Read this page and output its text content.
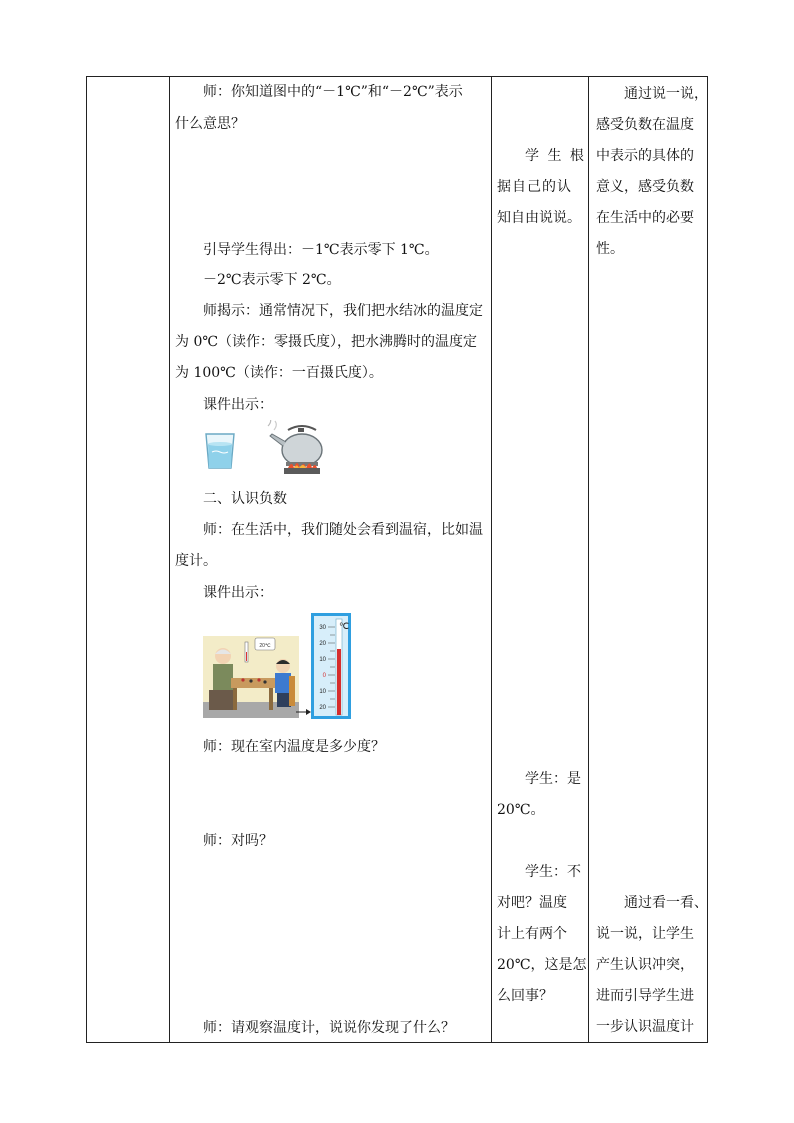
师：你知道图中的“－1℃”和“－2℃”表示
什么意思？
引导学生得出：－1℃表示零下 1℃。
－2℃表示零下 2℃。
师揭示：通常情况下，我们把水结冰的温度定
为 0℃（读作：零摄氏度），把水沸腾时的温度定
为 100℃（读作：一百摄氏度）。
课件出示：
二、认识负数
师：在生活中，我们随处会看到温宿，比如温
度计。
课件出示：
20℃
℃
30
20
10
0
10
20
师：现在室内温度是多少度？
师：对吗？
师：请观察温度计，说说你发现了什么？
学 生 根
据自己的认
知自由说说。
学生：是
20℃。
学生：不
对吧？温度
计上有两个
20℃，这是怎
么回事？
通过说一说，
感受负数在温度
中表示的具体的
意义，感受负数
在生活中的必要
性。
通过看一看、
说一说，让学生
产生认识冲突，
进而引导学生进
一步认识温度计
